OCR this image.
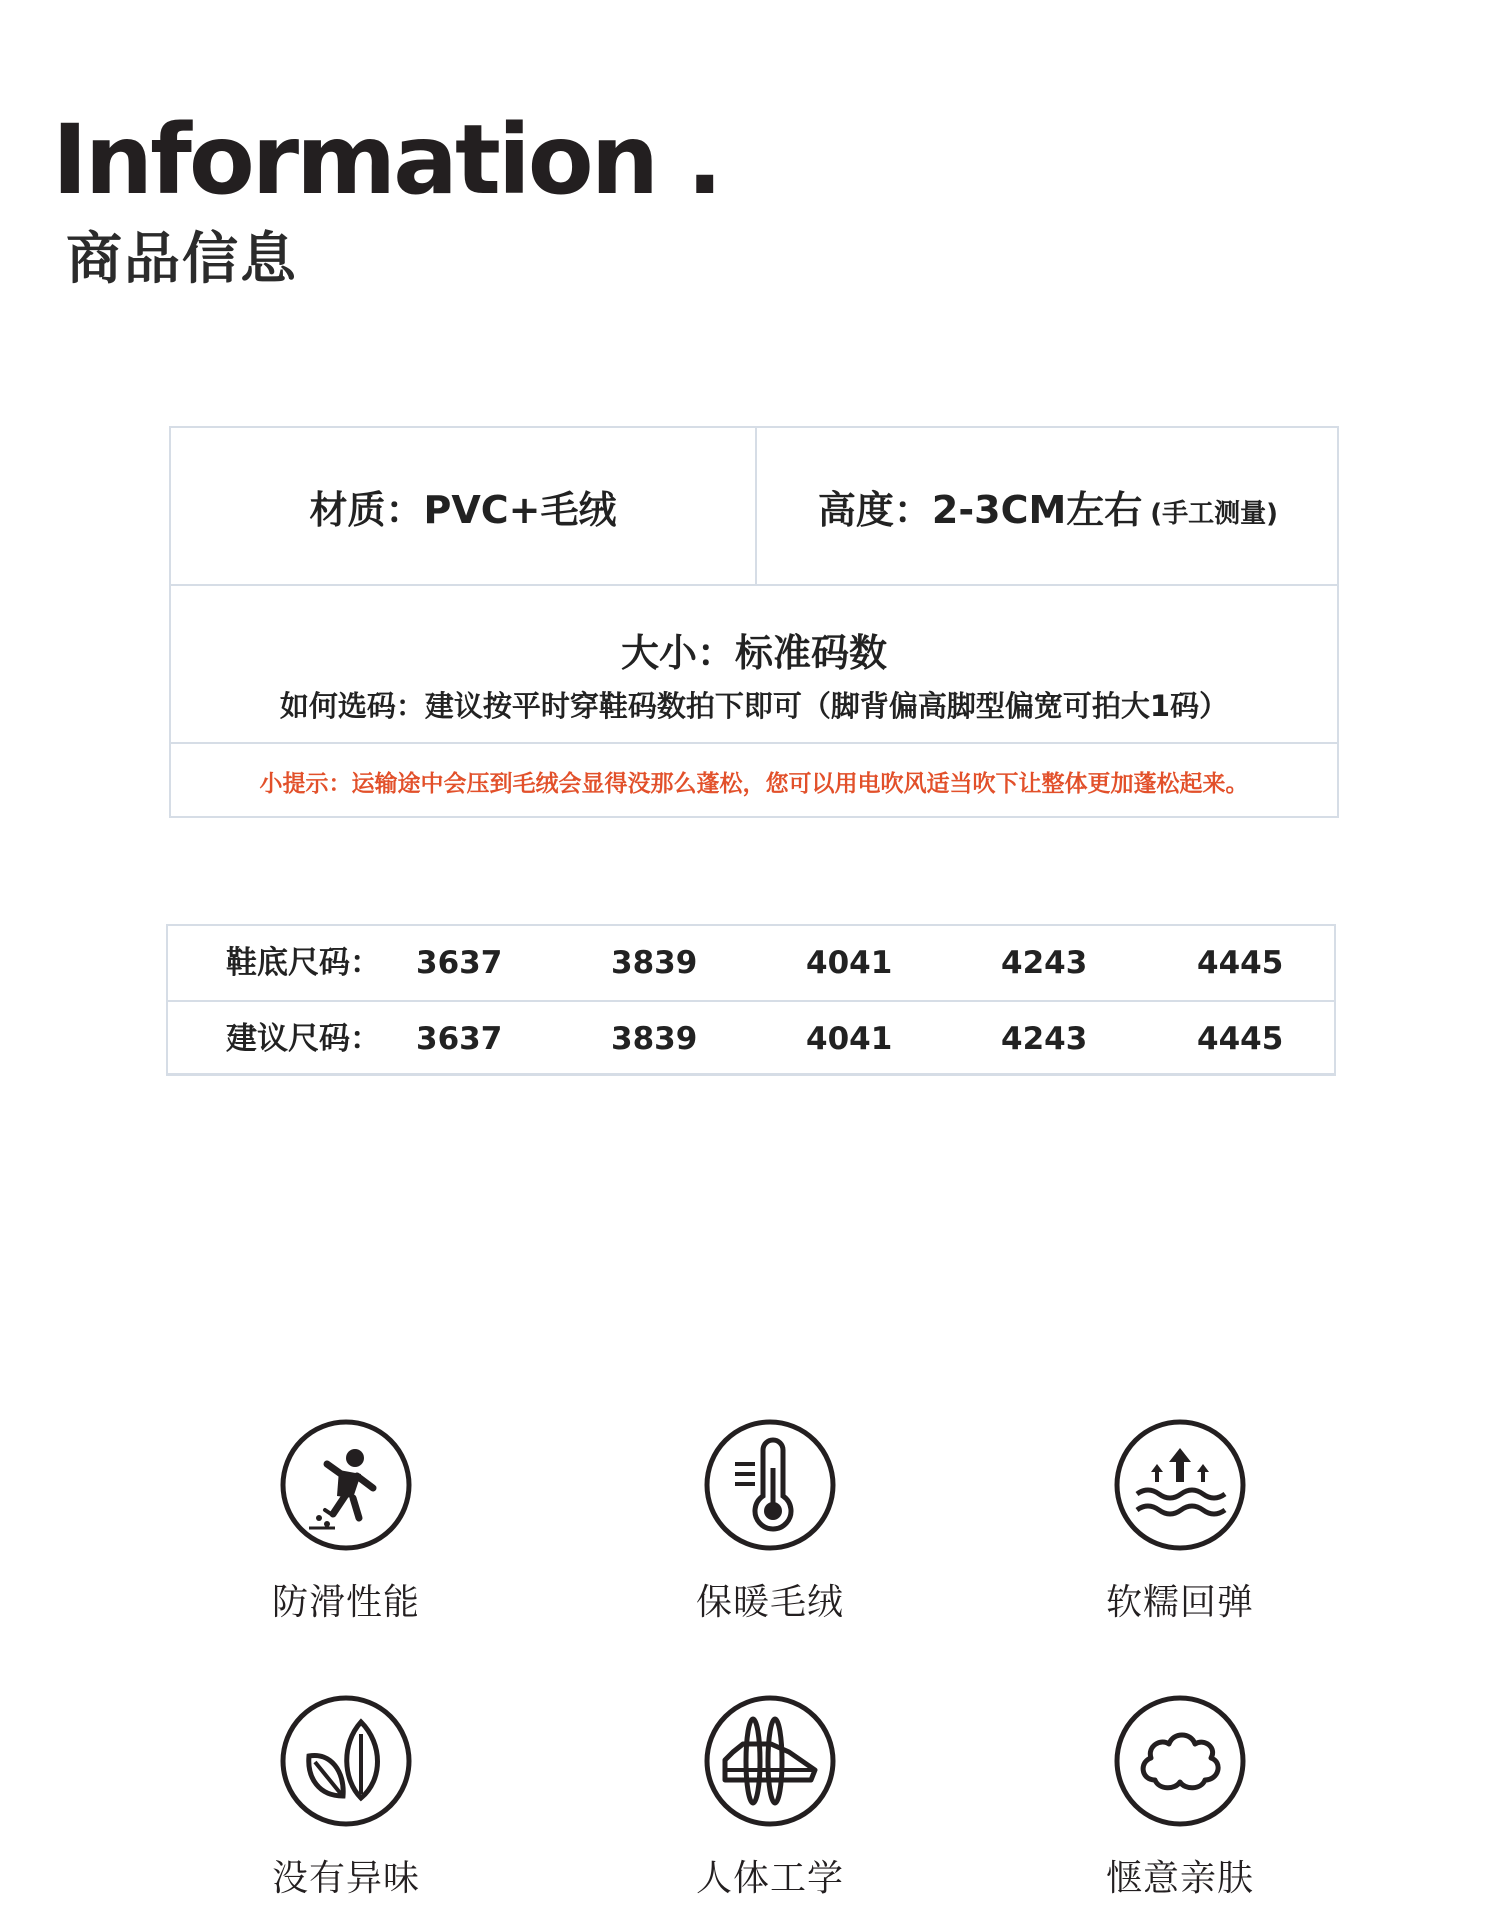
Information .
商品信息
材质：PVC+毛绒	高度：2-3CM左右 (手工测量)
大小：标准码数
如何选码：建议按平时穿鞋码数拍下即可（脚背偏高脚型偏宽可拍大1码）
小提示：运输途中会压到毛绒会显得没那么蓬松，您可以用电吹风适当吹下让整体更加蓬松起来。
鞋底尺码： 3637	3839	4041	4243	4445
建议尺码： 3637	3839	4041	4243	4445
防滑性能	保暖毛绒	软糯回弹
没有异味	人体工学	惬意亲肤
